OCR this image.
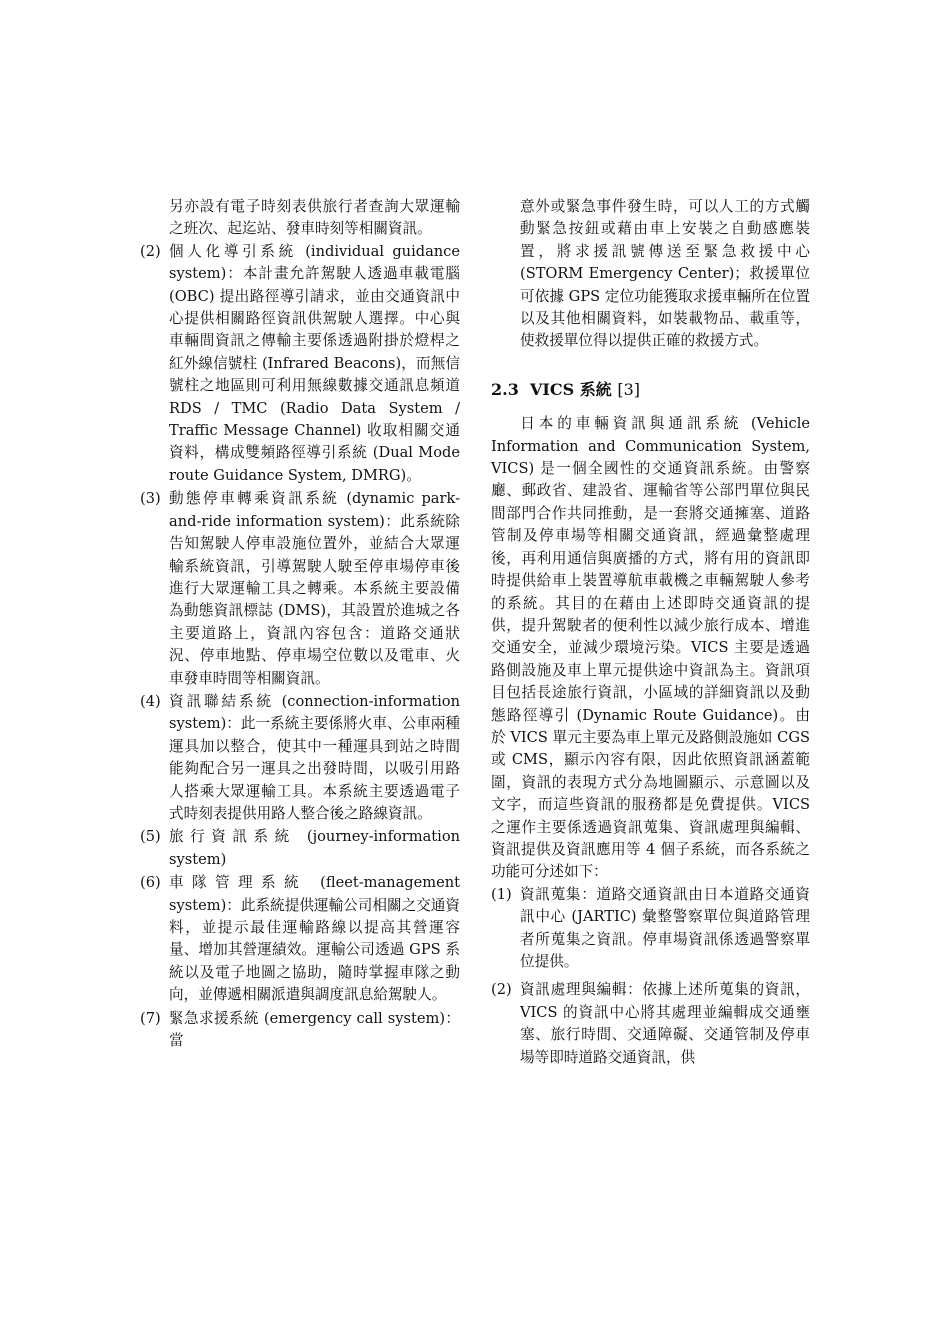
另亦設有電子時刻表供旅行者查詢大眾運輸之班次、起迄站、發車時刻等相關資訊。
(2) 個人化導引系統 (individual guidance system)：本計畫允許駕駛人透過車載電腦 (OBC) 提出路徑導引請求，並由交通資訊中心提供相關路徑資訊供駕駛人選擇。中心與車輛間資訊之傳輸主要係透過附掛於燈桿之紅外線信號柱 (Infrared Beacons)，而無信號柱之地區則可利用無線數據交通訊息頻道 RDS / TMC (Radio Data System / Traffic Message Channel) 收取相關交通資料，構成雙頻路徑導引系統 (Dual Mode route Guidance System, DMRG)。
(3) 動態停車轉乘資訊系統 (dynamic park-and-ride information system)：此系統除告知駕駛人停車設施位置外，並結合大眾運輸系統資訊，引導駕駛人駛至停車場停車後進行大眾運輸工具之轉乘。本系統主要設備為動態資訊標誌 (DMS)，其設置於進城之各主要道路上，資訊內容包含：道路交通狀況、停車地點、停車場空位數以及電車、火車發車時間等相關資訊。
(4) 資訊聯結系統 (connection-information system)：此一系統主要係將火車、公車兩種運具加以整合，使其中一種運具到站之時間能夠配合另一運具之出發時間，以吸引用路人搭乘大眾運輸工具。本系統主要透過電子式時刻表提供用路人整合後之路線資訊。
(5) 旅行資訊系統 (journey-information system)
(6) 車隊管理系統 (fleet-management system)：此系統提供運輸公司相關之交通資料，並提示最佳運輸路線以提高其營運容量、增加其營運績效。運輸公司透過 GPS 系統以及電子地圖之協助，隨時掌握車隊之動向，並傳遞相關派遣與調度訊息給駕駛人。
(7) 緊急求援系統 (emergency call system)：當
意外或緊急事件發生時，可以人工的方式觸動緊急按鈕或藉由車上安裝之自動感應裝置，將求援訊號傳送至緊急救援中心 (STORM Emergency Center)；救援單位可依據 GPS 定位功能獲取求援車輛所在位置以及其他相關資料，如裝載物品、載重等，使救援單位得以提供正確的救援方式。
2.3 VICS 系統 [3]
日本的車輛資訊與通訊系統 (Vehicle Information and Communication System, VICS) 是一個全國性的交通資訊系統。由警察廳、郵政省、建設省、運輸省等公部門單位與民間部門合作共同推動，是一套將交通擁塞、道路管制及停車場等相關交通資訊，經過彙整處理後，再利用通信與廣播的方式，將有用的資訊即時提供給車上裝置導航車載機之車輛駕駛人參考的系統。其目的在藉由上述即時交通資訊的提供，提升駕駛者的便利性以減少旅行成本、增進交通安全，並減少環境污染。VICS 主要是透過路側設施及車上單元提供途中資訊為主。資訊項目包括長途旅行資訊，小區域的詳細資訊以及動態路徑導引 (Dynamic Route Guidance)。由於 VICS 單元主要為車上單元及路側設施如 CGS 或 CMS，顯示內容有限，因此依照資訊涵蓋範圍，資訊的表現方式分為地圖顯示、示意圖以及文字，而這些資訊的服務都是免費提供。VICS 之運作主要係透過資訊蒐集、資訊處理與編輯、資訊提供及資訊應用等 4 個子系統，而各系統之功能可分述如下：
(1) 資訊蒐集：道路交通資訊由日本道路交通資訊中心 (JARTIC) 彙整警察單位與道路管理者所蒐集之資訊。停車場資訊係透過警察單位提供。
(2) 資訊處理與編輯：依據上述所蒐集的資訊，VICS 的資訊中心將其處理並編輯成交通壅塞、旅行時間、交通障礙、交通管制及停車場等即時道路交通資訊，供
